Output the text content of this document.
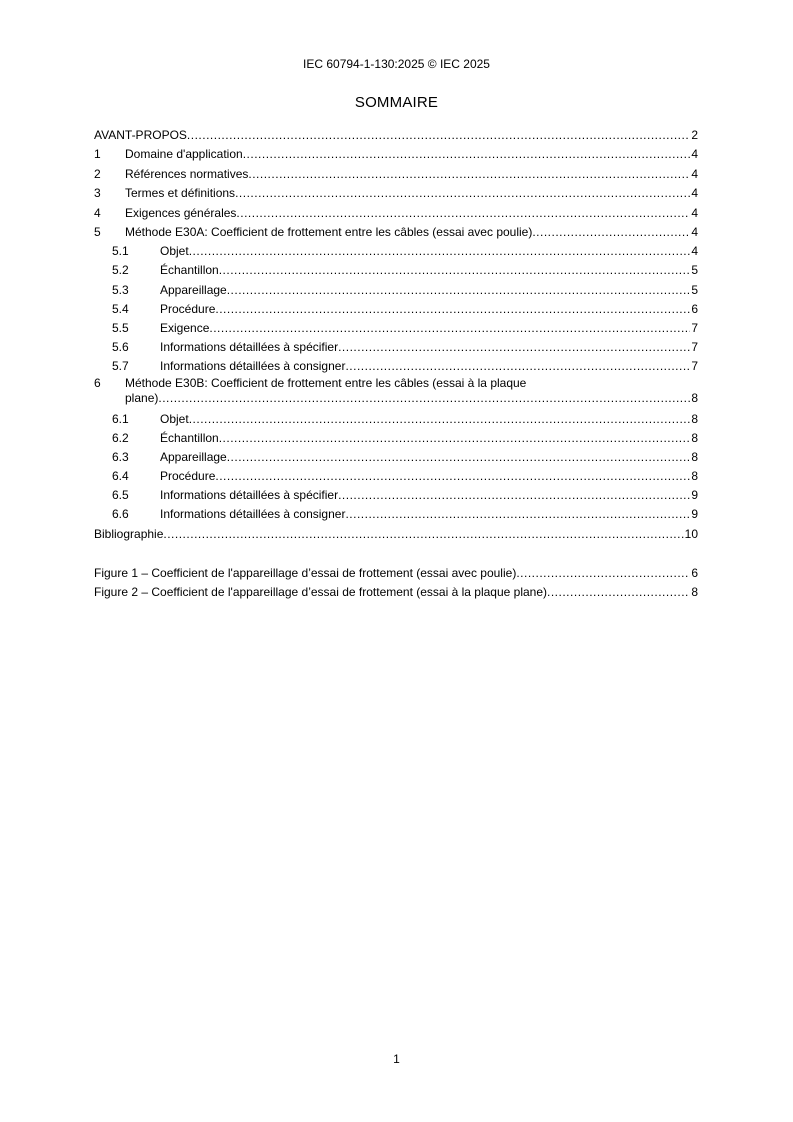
IEC 60794-1-130:2025 © IEC 2025
SOMMAIRE
AVANT-PROPOS .....	2
1	Domaine d'application .....	4
2	Références normatives .....	4
3	Termes et définitions .....	4
4	Exigences générales .....	4
5	Méthode E30A: Coefficient de frottement entre les câbles (essai avec poulie) .....	4
5.1	Objet .....	4
5.2	Échantillon .....	5
5.3	Appareillage .....	5
5.4	Procédure .....	6
5.5	Exigence .....	7
5.6	Informations détaillées à spécifier .....	7
5.7	Informations détaillées à consigner .....	7
6	Méthode E30B: Coefficient de frottement entre les câbles (essai à la plaque
plane) .....	8
6.1	Objet .....	8
6.2	Échantillon .....	8
6.3	Appareillage .....	8
6.4	Procédure .....	8
6.5	Informations détaillées à spécifier .....	9
6.6	Informations détaillées à consigner .....	9
Bibliographie .....	10
Figure 1 – Coefficient de l'appareillage d’essai de frottement (essai avec poulie) .....	6
Figure 2 – Coefficient de l'appareillage d’essai de frottement (essai à la plaque plane) .....	8
1
